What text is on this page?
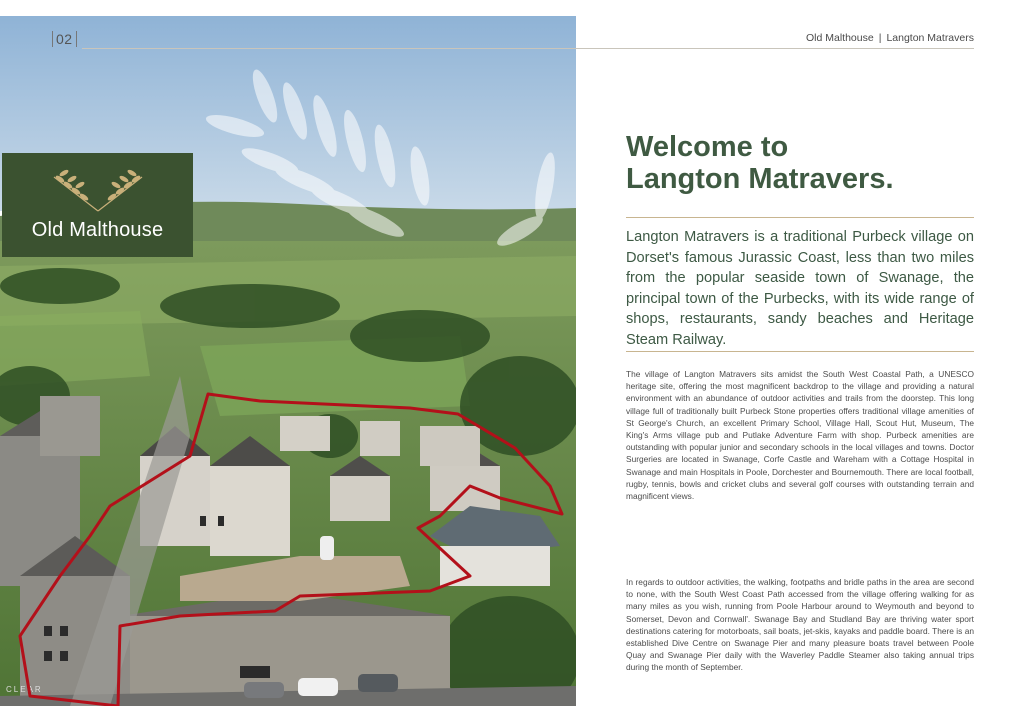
CLEAR
Old Malthouse
02	Old Malthouse | Langton Matravers
Welcome to
Langton Matravers.

Langton Matravers is a traditional Purbeck village on Dorset's famous Jurassic Coast, less than two miles from the popular seaside town of Swanage, the principal town of the Purbecks, with its wide range of shops, restaurants, sandy beaches and Heritage Steam Railway.

The village of Langton Matravers sits amidst the South West Coastal Path, a UNESCO heritage site, offering the most magnificent backdrop to the village and providing a natural environment with an abundance of outdoor activities and trails from the doorstep. This long village full of traditionally built Purbeck Stone properties offers traditional village amenities of St George's Church, an excellent Primary School, Village Hall, Scout Hut, Museum, The King's Arms village pub and Putlake Adventure Farm with shop. Purbeck amenities are outstanding with popular junior and secondary schools in the local villages and towns. Doctor Surgeries are located in Swanage, Corfe Castle and Wareham with a Cottage Hospital in Swanage and main Hospitals in Poole, Dorchester and Bournemouth. There are local football, rugby, tennis, bowls and cricket clubs and several golf courses with outstanding terrain and magnificent views.

In regards to outdoor activities, the walking, footpaths and bridle paths in the area are second to none, with the South West Coast Path accessed from the village offering walking for as many miles as you wish, running from Poole Harbour around to Weymouth and beyond to Somerset, Devon and Cornwall'. Swanage Bay and Studland Bay are thriving water sport destinations catering for motorboats, sail boats, jet-skis, kayaks and paddle board. There is an established Dive Centre on Swanage Pier and many pleasure boats travel between Poole Quay and Swanage Pier daily with the Waverley Paddle Steamer also taking annual trips during the month of September.
